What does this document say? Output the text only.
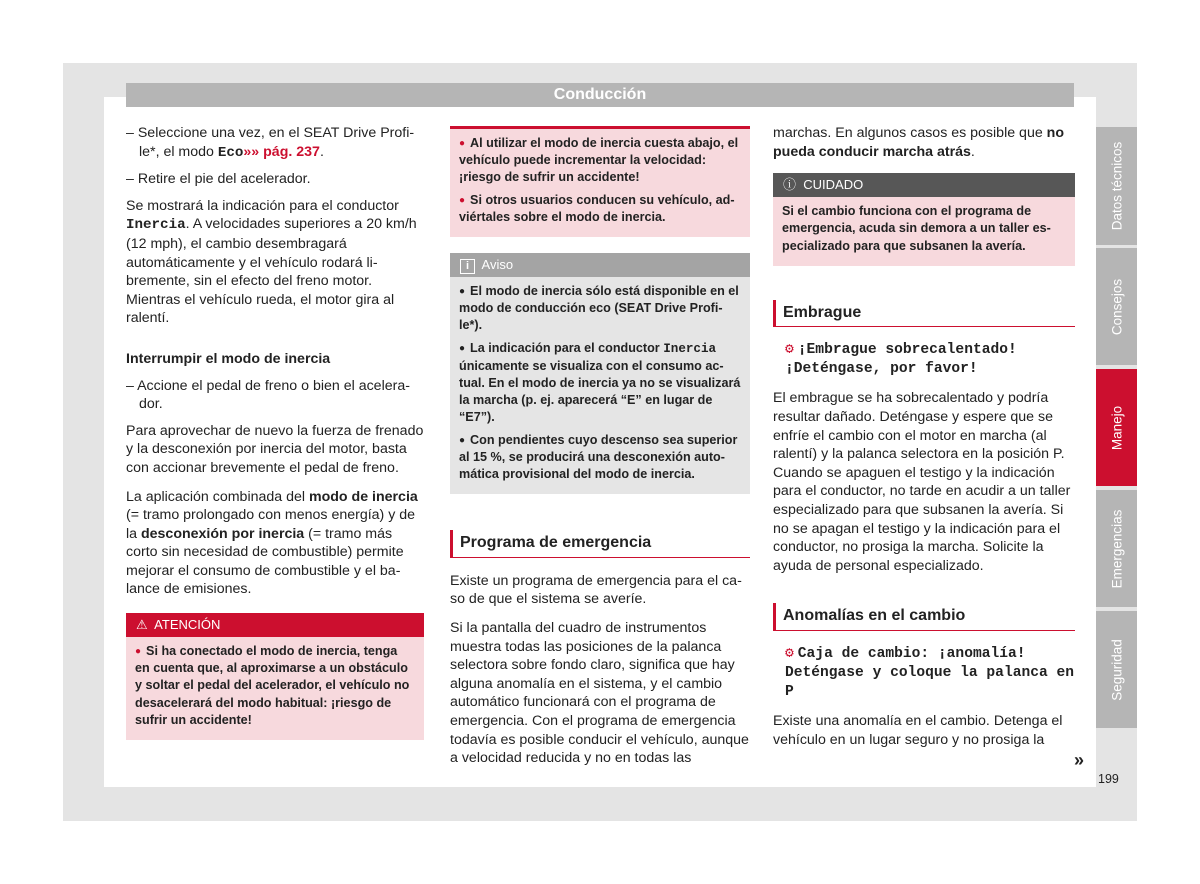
Conducción

– Seleccione una vez, en el SEAT Drive Profile*, el modo Eco»» pág. 237.

– Retire el pie del acelerador.

Se mostrará la indicación para el conductor Inercia. A velocidades superiores a 20 km/h (12 mph), el cambio desembragará automáticamente y el vehículo rodará libremente, sin el efecto del freno motor. Mientras el vehículo rueda, el motor gira al ralentí.

Interrumpir el modo de inercia

– Accione el pedal de freno o bien el acelerador.

Para aprovechar de nuevo la fuerza de frenado y la desconexión por inercia del motor, basta con accionar brevemente el pedal de freno.

La aplicación combinada del modo de inercia (= tramo prolongado con menos energía) y de la desconexión por inercia (= tramo más corto sin necesidad de combustible) permite mejorar el consumo de combustible y el balance de emisiones.

⚠ ATENCIÓN

● Si ha conectado el modo de inercia, tenga en cuenta que, al aproximarse a un obstáculo y soltar el pedal del acelerador, el vehículo no desacelerará del modo habitual: ¡riesgo de sufrir un accidente!

● Al utilizar el modo de inercia cuesta abajo, el vehículo puede incrementar la velocidad: ¡riesgo de sufrir un accidente!

● Si otros usuarios conducen su vehículo, adviértales sobre el modo de inercia.

i Aviso

● El modo de inercia sólo está disponible en el modo de conducción eco (SEAT Drive Profile*).

● La indicación para el conductor Inercia únicamente se visualiza con el consumo actual. En el modo de inercia ya no se visualizará la marcha (p. ej. aparecerá “E” en lugar de “E7”).

● Con pendientes cuyo descenso sea superior al 15 %, se producirá una desconexión automática provisional del modo de inercia.

Programa de emergencia

Existe un programa de emergencia para el caso de que el sistema se averíe.

Si la pantalla del cuadro de instrumentos muestra todas las posiciones de la palanca selectora sobre fondo claro, significa que hay alguna anomalía en el sistema, y el cambio automático funcionará con el programa de emergencia. Con el programa de emergencia todavía es posible conducir el vehículo, aunque a velocidad reducida y no en todas las

marchas. En algunos casos es posible que no pueda conducir marcha atrás.

ⓘ CUIDADO

Si el cambio funciona con el programa de emergencia, acuda sin demora a un taller especializado para que subsanen la avería.

Embrague

⚙ ¡Embrague sobrecalentado! ¡Deténgase, por favor!

El embrague se ha sobrecalentado y podría resultar dañado. Deténgase y espere que se enfríe el cambio con el motor en marcha (al ralentí) y la palanca selectora en la posición P. Cuando se apaguen el testigo y la indicación para el conductor, no tarde en acudir a un taller especializado para que subsanen la avería. Si no se apagan el testigo y la indicación para el conductor, no prosiga la marcha. Solicite la ayuda de personal especializado.

Anomalías en el cambio

⚙ Caja de cambio: ¡anomalía! Deténgase y coloque la palanca en P

Existe una anomalía en el cambio. Detenga el vehículo en un lugar seguro y no prosiga la

Datos técnicos
Consejos
Manejo
Emergencias
Seguridad
»
199
